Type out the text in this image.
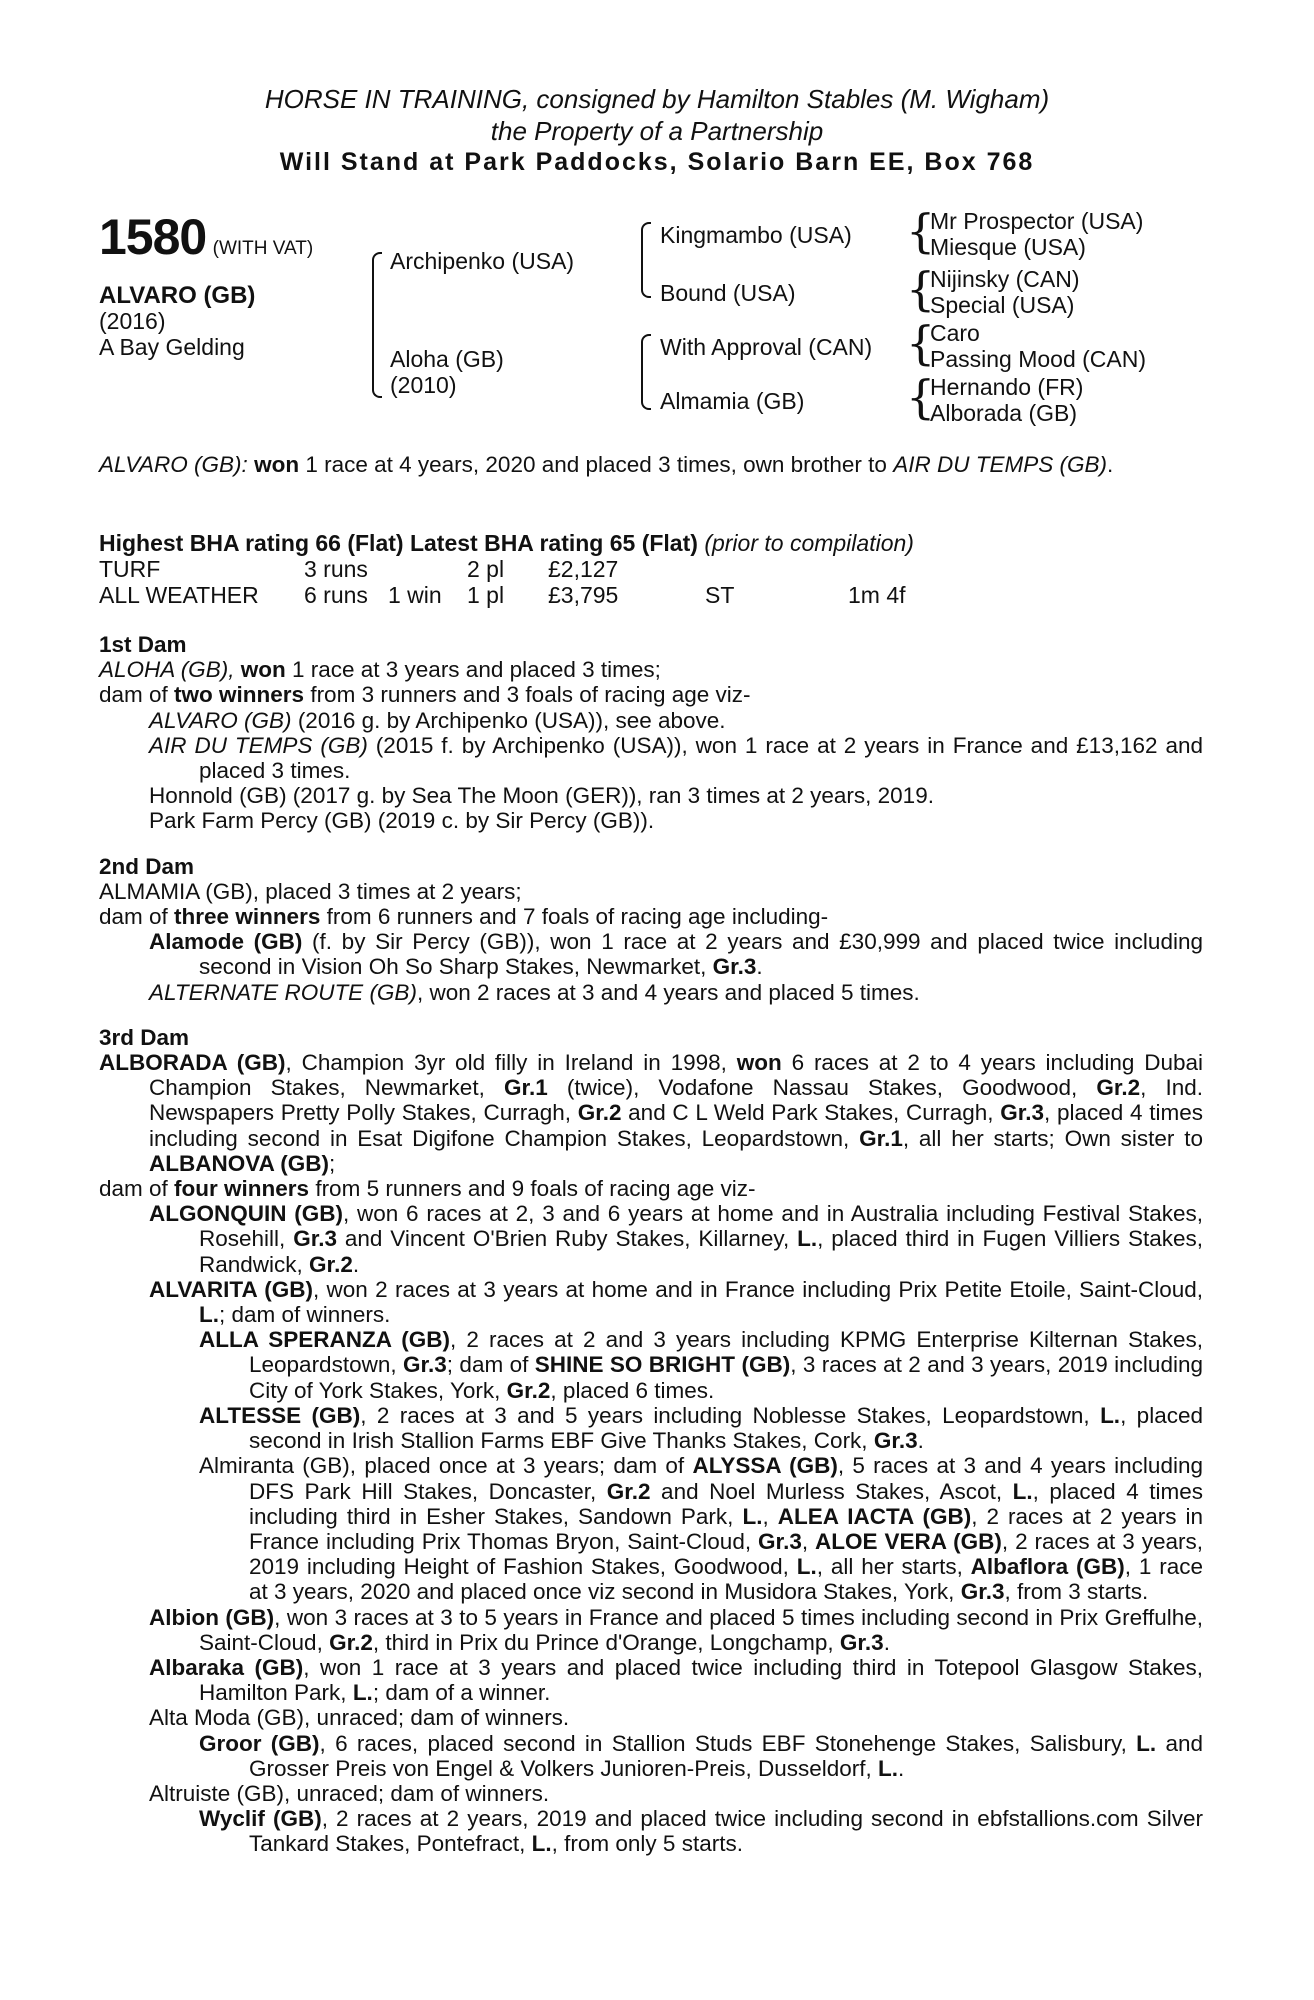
HORSE IN TRAINING, consigned by Hamilton Stables (M. Wigham)
the Property of a Partnership
Will Stand at Park Paddocks, Solario Barn EE, Box 768
1580 (WITH VAT)
ALVARO (GB)
(2016)
A Bay Gelding
Archipenko (USA)
Aloha (GB)
(2010)
Kingmambo (USA)
Bound (USA)
With Approval (CAN)
Almamia (GB)
{
Mr Prospector (USA)
Miesque (USA)
{
Nijinsky (CAN)
Special (USA)
{
Caro
Passing Mood (CAN)
{
Hernando (FR)
Alborada (GB)

ALVARO (GB): won 1 race at 4 years, 2020 and placed 3 times, own brother to AIR DU TEMPS (GB).

Highest BHA rating 66 (Flat) Latest BHA rating 65 (Flat) (prior to compilation)
TURF	3 runs	2 pl £2,127
ALL WEATHER 6 runs 1 win 1 pl £3,795	ST	1m 4f

1st Dam

ALOHA (GB), won 1 race at 3 years and placed 3 times;

dam of two winners from 3 runners and 3 foals of racing age viz-

ALVARO (GB) (2016 g. by Archipenko (USA)), see above.

AIR DU TEMPS (GB) (2015 f. by Archipenko (USA)), won 1 race at 2 years in France and £13,162 and placed 3 times.

Honnold (GB) (2017 g. by Sea The Moon (GER)), ran 3 times at 2 years, 2019.

Park Farm Percy (GB) (2019 c. by Sir Percy (GB)).

2nd Dam

ALMAMIA (GB), placed 3 times at 2 years;

dam of three winners from 6 runners and 7 foals of racing age including-

Alamode (GB) (f. by Sir Percy (GB)), won 1 race at 2 years and £30,999 and placed twice including second in Vision Oh So Sharp Stakes, Newmarket, Gr.3.

ALTERNATE ROUTE (GB), won 2 races at 3 and 4 years and placed 5 times.

3rd Dam

ALBORADA (GB), Champion 3yr old filly in Ireland in 1998, won 6 races at 2 to 4 years including Dubai Champion Stakes, Newmarket, Gr.1 (twice), Vodafone Nassau Stakes, Goodwood, Gr.2, Ind. Newspapers Pretty Polly Stakes, Curragh, Gr.2 and C L Weld Park Stakes, Curragh, Gr.3, placed 4 times including second in Esat Digifone Champion Stakes, Leopardstown, Gr.1, all her starts; Own sister to ALBANOVA (GB);

dam of four winners from 5 runners and 9 foals of racing age viz-

ALGONQUIN (GB), won 6 races at 2, 3 and 6 years at home and in Australia including Festival Stakes, Rosehill, Gr.3 and Vincent O'Brien Ruby Stakes, Killarney, L., placed third in Fugen Villiers Stakes, Randwick, Gr.2.

ALVARITA (GB), won 2 races at 3 years at home and in France including Prix Petite Etoile, Saint-Cloud, L.; dam of winners.

ALLA SPERANZA (GB), 2 races at 2 and 3 years including KPMG Enterprise Kilternan Stakes, Leopardstown, Gr.3; dam of SHINE SO BRIGHT (GB), 3 races at 2 and 3 years, 2019 including City of York Stakes, York, Gr.2, placed 6 times.

ALTESSE (GB), 2 races at 3 and 5 years including Noblesse Stakes, Leopardstown, L., placed second in Irish Stallion Farms EBF Give Thanks Stakes, Cork, Gr.3.

Almiranta (GB), placed once at 3 years; dam of ALYSSA (GB), 5 races at 3 and 4 years including DFS Park Hill Stakes, Doncaster, Gr.2 and Noel Murless Stakes, Ascot, L., placed 4 times including third in Esher Stakes, Sandown Park, L., ALEA IACTA (GB), 2 races at 2 years in France including Prix Thomas Bryon, Saint-Cloud, Gr.3, ALOE VERA (GB), 2 races at 3 years, 2019 including Height of Fashion Stakes, Goodwood, L., all her starts, Albaflora (GB), 1 race at 3 years, 2020 and placed once viz second in Musidora Stakes, York, Gr.3, from 3 starts.

Albion (GB), won 3 races at 3 to 5 years in France and placed 5 times including second in Prix Greffulhe, Saint-Cloud, Gr.2, third in Prix du Prince d'Orange, Longchamp, Gr.3.

Albaraka (GB), won 1 race at 3 years and placed twice including third in Totepool Glasgow Stakes, Hamilton Park, L.; dam of a winner.

Alta Moda (GB), unraced; dam of winners.

Groor (GB), 6 races, placed second in Stallion Studs EBF Stonehenge Stakes, Salisbury, L. and Grosser Preis von Engel & Volkers Junioren-Preis, Dusseldorf, L..

Altruiste (GB), unraced; dam of winners.

Wyclif (GB), 2 races at 2 years, 2019 and placed twice including second in ebfstallions.com Silver Tankard Stakes, Pontefract, L., from only 5 starts.
